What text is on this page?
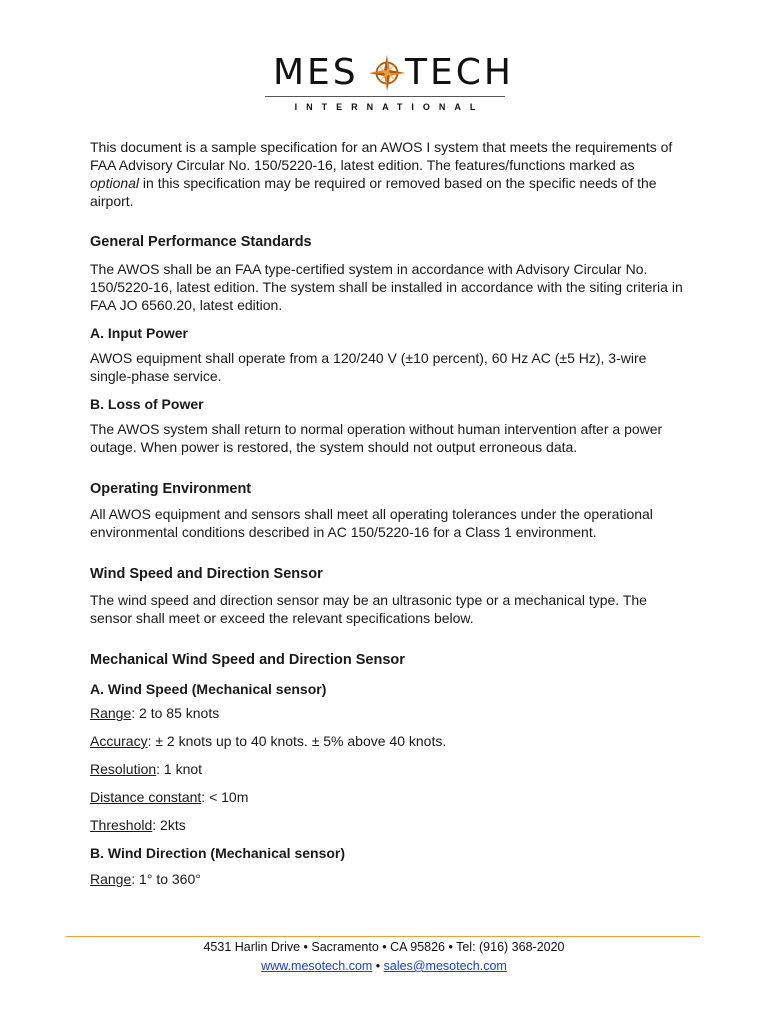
MES TECH
INTERNATIONAL

This document is a sample specification for an AWOS I system that meets the requirements of FAA Advisory Circular No. 150/5220-16, latest edition. The features/functions marked as
optional in this specification may be required or removed based on the specific needs of the airport.

General Performance Standards

The AWOS shall be an FAA type-certified system in accordance with Advisory Circular No. 150/5220-16, latest edition. The system shall be installed in accordance with the siting criteria in FAA JO 6560.20, latest edition.

A. Input Power

AWOS equipment shall operate from a 120/240 V (±10 percent), 60 Hz AC (±5 Hz), 3-wire single-phase service.

B. Loss of Power

The AWOS system shall return to normal operation without human intervention after a power outage. When power is restored, the system should not output erroneous data.

Operating Environment

All AWOS equipment and sensors shall meet all operating tolerances under the operational environmental conditions described in AC 150/5220-16 for a Class 1 environment.

Wind Speed and Direction Sensor

The wind speed and direction sensor may be an ultrasonic type or a mechanical type. The sensor shall meet or exceed the relevant specifications below.

Mechanical Wind Speed and Direction Sensor
A. Wind Speed (Mechanical sensor)
Range: 2 to 85 knots
Accuracy: ± 2 knots up to 40 knots. ± 5% above 40 knots.
Resolution: 1 knot
Distance constant: < 10m
Threshold: 2kts
B. Wind Direction (Mechanical sensor)
Range: 1° to 360°
4531 Harlin Drive • Sacramento • CA 95826 • Tel: (916) 368-2020
www.mesotech.com • sales@mesotech.com
